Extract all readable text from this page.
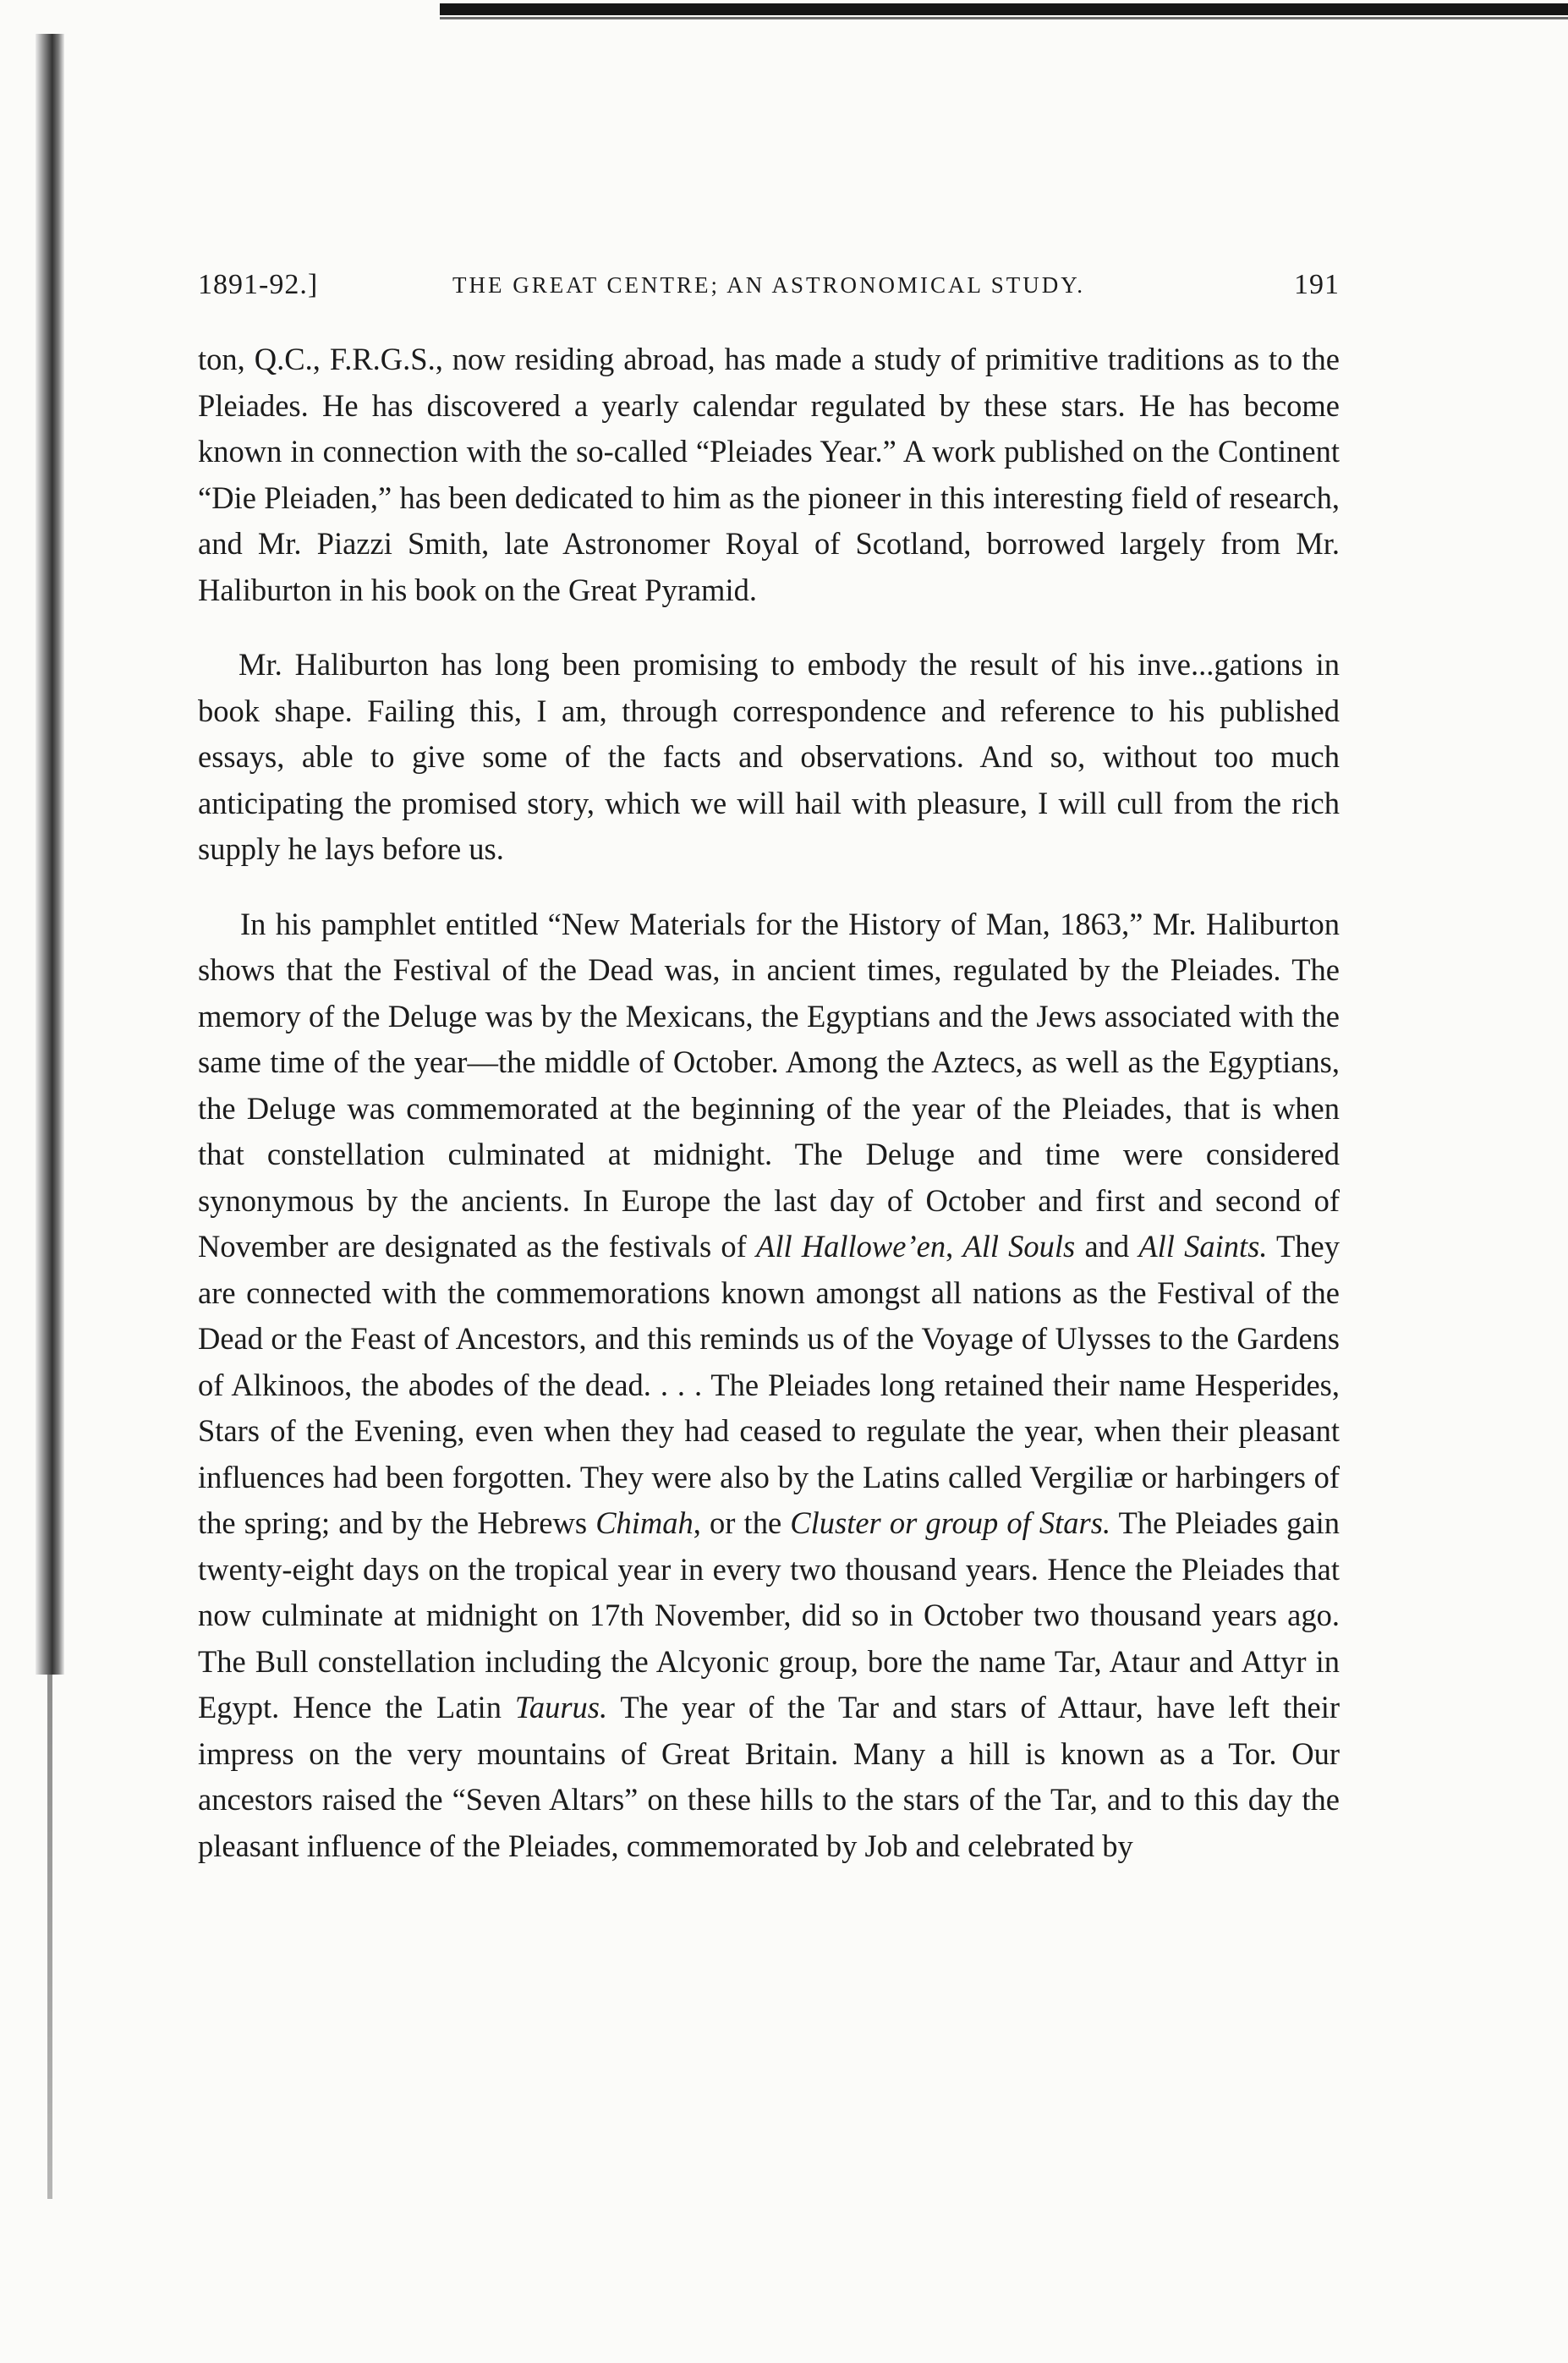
1891-92.]	THE GREAT CENTRE; AN ASTRONOMICAL STUDY.	191

ton, Q.C., F.R.G.S., now residing abroad, has made a study of primitive traditions as to the Pleiades. He has discovered a yearly calendar regulated by these stars. He has become known in connection with the so-called “Pleiades Year.” A work published on the Continent “Die Pleiaden,” has been dedicated to him as the pioneer in this interesting field of research, and Mr. Piazzi Smith, late Astronomer Royal of Scotland, borrowed largely from Mr. Haliburton in his book on the Great Pyramid.

Mr. Haliburton has long been promising to embody the result of his inve...gations in book shape. Failing this, I am, through correspondence and reference to his published essays, able to give some of the facts and observations. And so, without too much anticipating the promised story, which we will hail with pleasure, I will cull from the rich supply he lays before us.

In his pamphlet entitled “New Materials for the History of Man, 1863,” Mr. Haliburton shows that the Festival of the Dead was, in ancient times, regulated by the Pleiades. The memory of the Deluge was by the Mexicans, the Egyptians and the Jews associated with the same time of the year—the middle of October. Among the Aztecs, as well as the Egyptians, the Deluge was commemorated at the beginning of the year of the Pleiades, that is when that constellation culminated at midnight. The Deluge and time were considered synonymous by the ancients. In Europe the last day of October and first and second of November are designated as the festivals of All Hallowe’en, All Souls and All Saints. They are connected with the commemorations known amongst all nations as the Festival of the Dead or the Feast of Ancestors, and this reminds us of the Voyage of Ulysses to the Gardens of Alkinoos, the abodes of the dead. . . . The Pleiades long retained their name Hesperides, Stars of the Evening, even when they had ceased to regulate the year, when their pleasant influences had been forgotten. They were also by the Latins called Vergiliæ or harbingers of the spring; and by the Hebrews Chimah, or the Cluster or group of Stars. The Pleiades gain twenty-eight days on the tropical year in every two thousand years. Hence the Pleiades that now culminate at midnight on 17th November, did so in October two thousand years ago. The Bull constellation including the Alcyonic group, bore the name Tar, Ataur and Attyr in Egypt. Hence the Latin Taurus. The year of the Tar and stars of Attaur, have left their impress on the very mountains of Great Britain. Many a hill is known as a Tor. Our ancestors raised the “Seven Altars” on these hills to the stars of the Tar, and to this day the pleasant influence of the Pleiades, commemorated by Job and celebrated by
